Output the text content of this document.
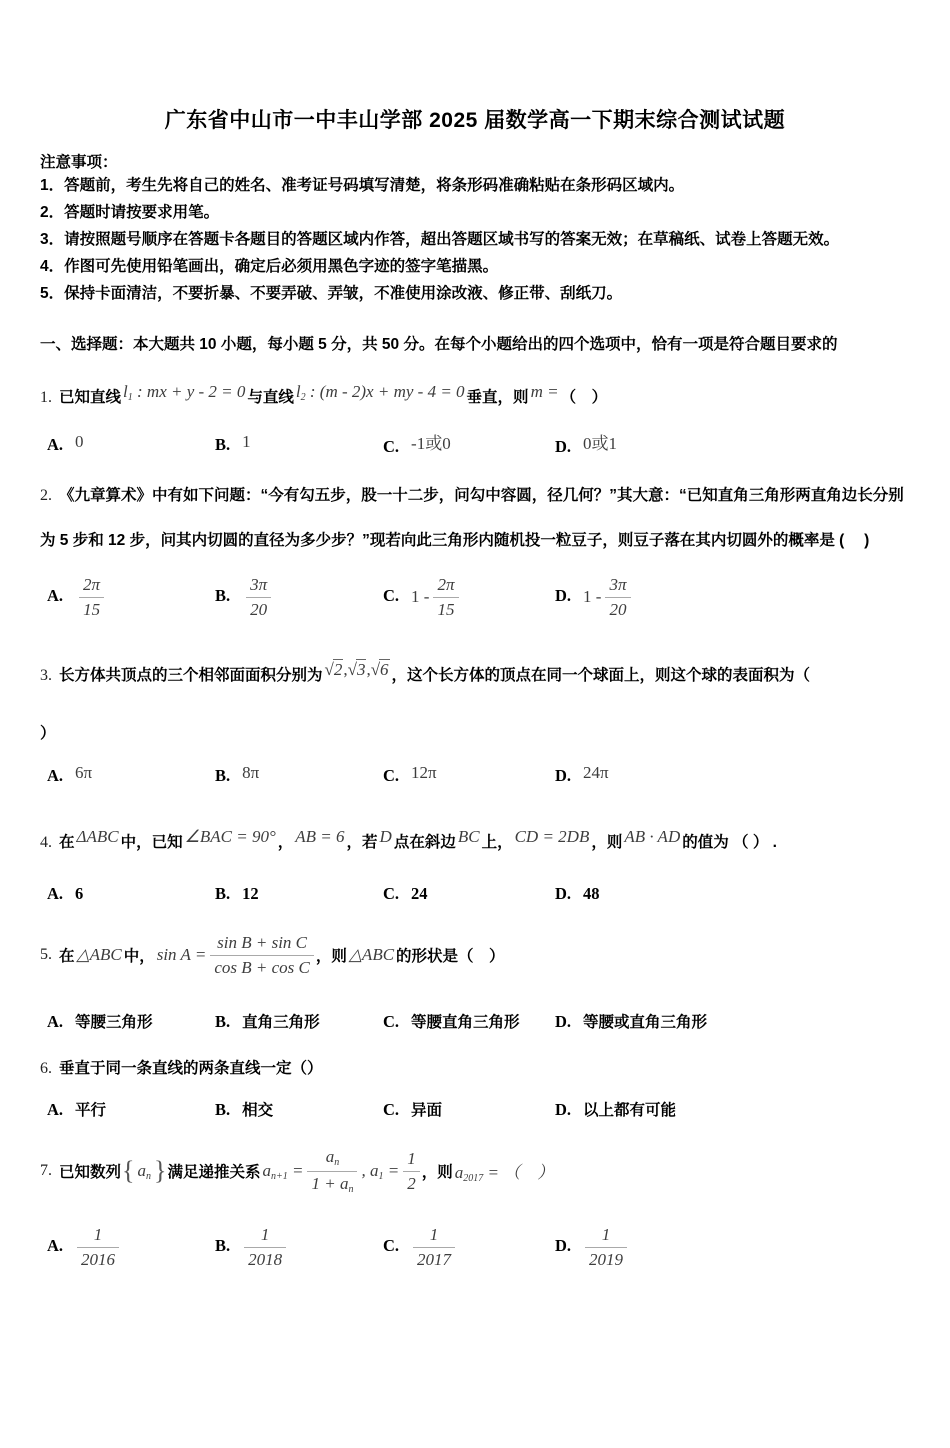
广东省中山市一中丰山学部 2025 届数学高一下期末综合测试试题
注意事项：
1．答题前，考生先将自己的姓名、准考证号码填写清楚，将条形码准确粘贴在条形码区域内。
2．答题时请按要求用笔。
3．请按照题号顺序在答题卡各题目的答题区域内作答，超出答题区域书写的答案无效；在草稿纸、试卷上答题无效。
4．作图可先使用铅笔画出，确定后必须用黑色字迹的签字笔描黑。
5．保持卡面清洁，不要折暴、不要弄破、弄皱，不准使用涂改液、修正带、刮纸刀。
一、选择题：本大题共 10 小题，每小题 5 分，共 50 分。在每个小题给出的四个选项中，恰有一项是符合题目要求的

1. 已知直线 $l_1$ : mx + y - 2 = 0 与直线 $l_2$ : (m - 2)x + my - 4 = 0 垂直，则 m = （　）

A. 0	B. 1	C. -1或0	D. 0或1

2. 《九章算术》中有如下问题：“今有勾五步，股一十二步，问勾中容圆，径几何？”其大意：“已知直角三角形两直角边长分别为 5 步和 12 步，问其内切圆的直径为多少步？”现若向此三角形内随机投一粒豆子，则豆子落在其内切圆外的概率是 ( 　)

A. $\frac{2\pi}{15}$	B. $\frac{3\pi}{20}$	C. $1 - \frac{2\pi}{15}$	D. $1 - \frac{3\pi}{20}$

3. 长方体共顶点的三个相邻面面积分别为 √2,√3,√6 ，这个长方体的顶点在同一个球面上，则这个球的表面积为（

）

A. 6π	B. 8π	C. 12π	D. 24π

4. 在 ΔABC 中，已知 ∠BAC = 90° ， AB = 6 ，若 D 点在斜边 BC 上， CD = 2DB ，则 AB · AD 的值为 （ ） .

A. 6	B. 12	C. 24	D. 48
5. 在 △ABC 中， $\sin A = \frac{\text{sin B + sin C}}{\text{cos B + cos C}}$ ，则 △ABC 的形状是（　）
A. 等腰三角形	B. 直角三角形	C. 等腰直角三角形	D. 等腰或直角三角形

6. 垂直于同一条直线的两条直线一定（）

A. 平行	B. 相交	C. 异面	D. 以上都有可能
7. 已知数列 { $a_n$ } 满足递推关系 $a_{n+1} = \frac{a_n}{1 + a_n}$ , $a_1 = \frac{1}{2}$ ，则 $a_{2017}$ = （　）
A. $\frac{1}{2016}$	B. $\frac{1}{2018}$	C. $\frac{1}{2017}$	D. $\frac{1}{2019}$
